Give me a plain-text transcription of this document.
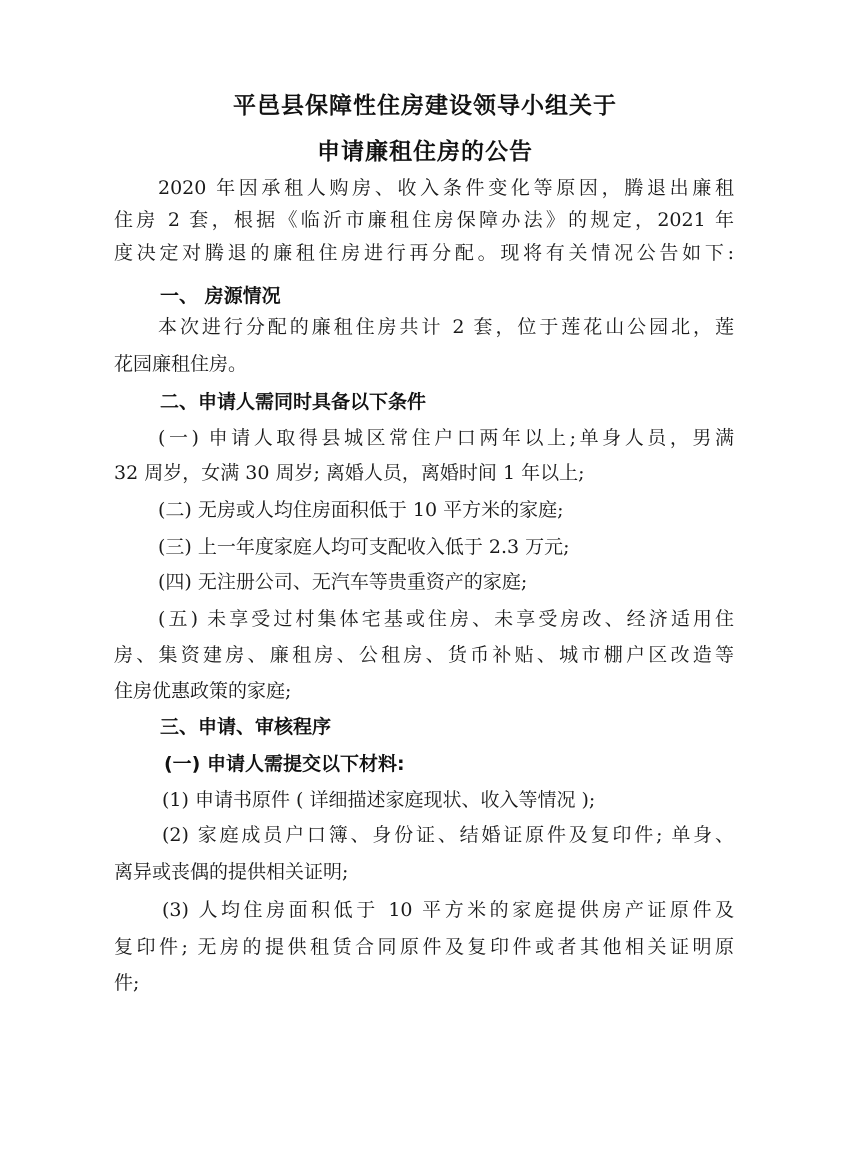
平邑县保障性住房建设领导小组关于
申请廉租住房的公告
2020 年因承租人购房、收入条件变化等原因，腾退出廉租
住房 2 套，根据《临沂市廉租住房保障办法》的规定，2021 年
度决定对腾退的廉租住房进行再分配。现将有关情况公告如下:
一、 房源情况
本次进行分配的廉租住房共计 2 套，位于莲花山公园北，莲
花园廉租住房。
二、申请人需同时具备以下条件
(一) 申请人取得县城区常住户口两年以上;单身人员，男满
32 周岁，女满 30 周岁; 离婚人员，离婚时间 1 年以上;
(二) 无房或人均住房面积低于 10 平方米的家庭;
(三) 上一年度家庭人均可支配收入低于 2.3 万元;
(四) 无注册公司、无汽车等贵重资产的家庭;
(五) 未享受过村集体宅基或住房、未享受房改、经济适用住
房、集资建房、廉租房、公租房、货币补贴、城市棚户区改造等
住房优惠政策的家庭;
三、申请、审核程序
(一) 申请人需提交以下材料:
(1) 申请书原件 ( 详细描述家庭现状、收入等情况 );
(2) 家庭成员户口簿、身份证、结婚证原件及复印件; 单身、
离异或丧偶的提供相关证明;
(3) 人均住房面积低于 10 平方米的家庭提供房产证原件及
复印件; 无房的提供租赁合同原件及复印件或者其他相关证明原
件;
